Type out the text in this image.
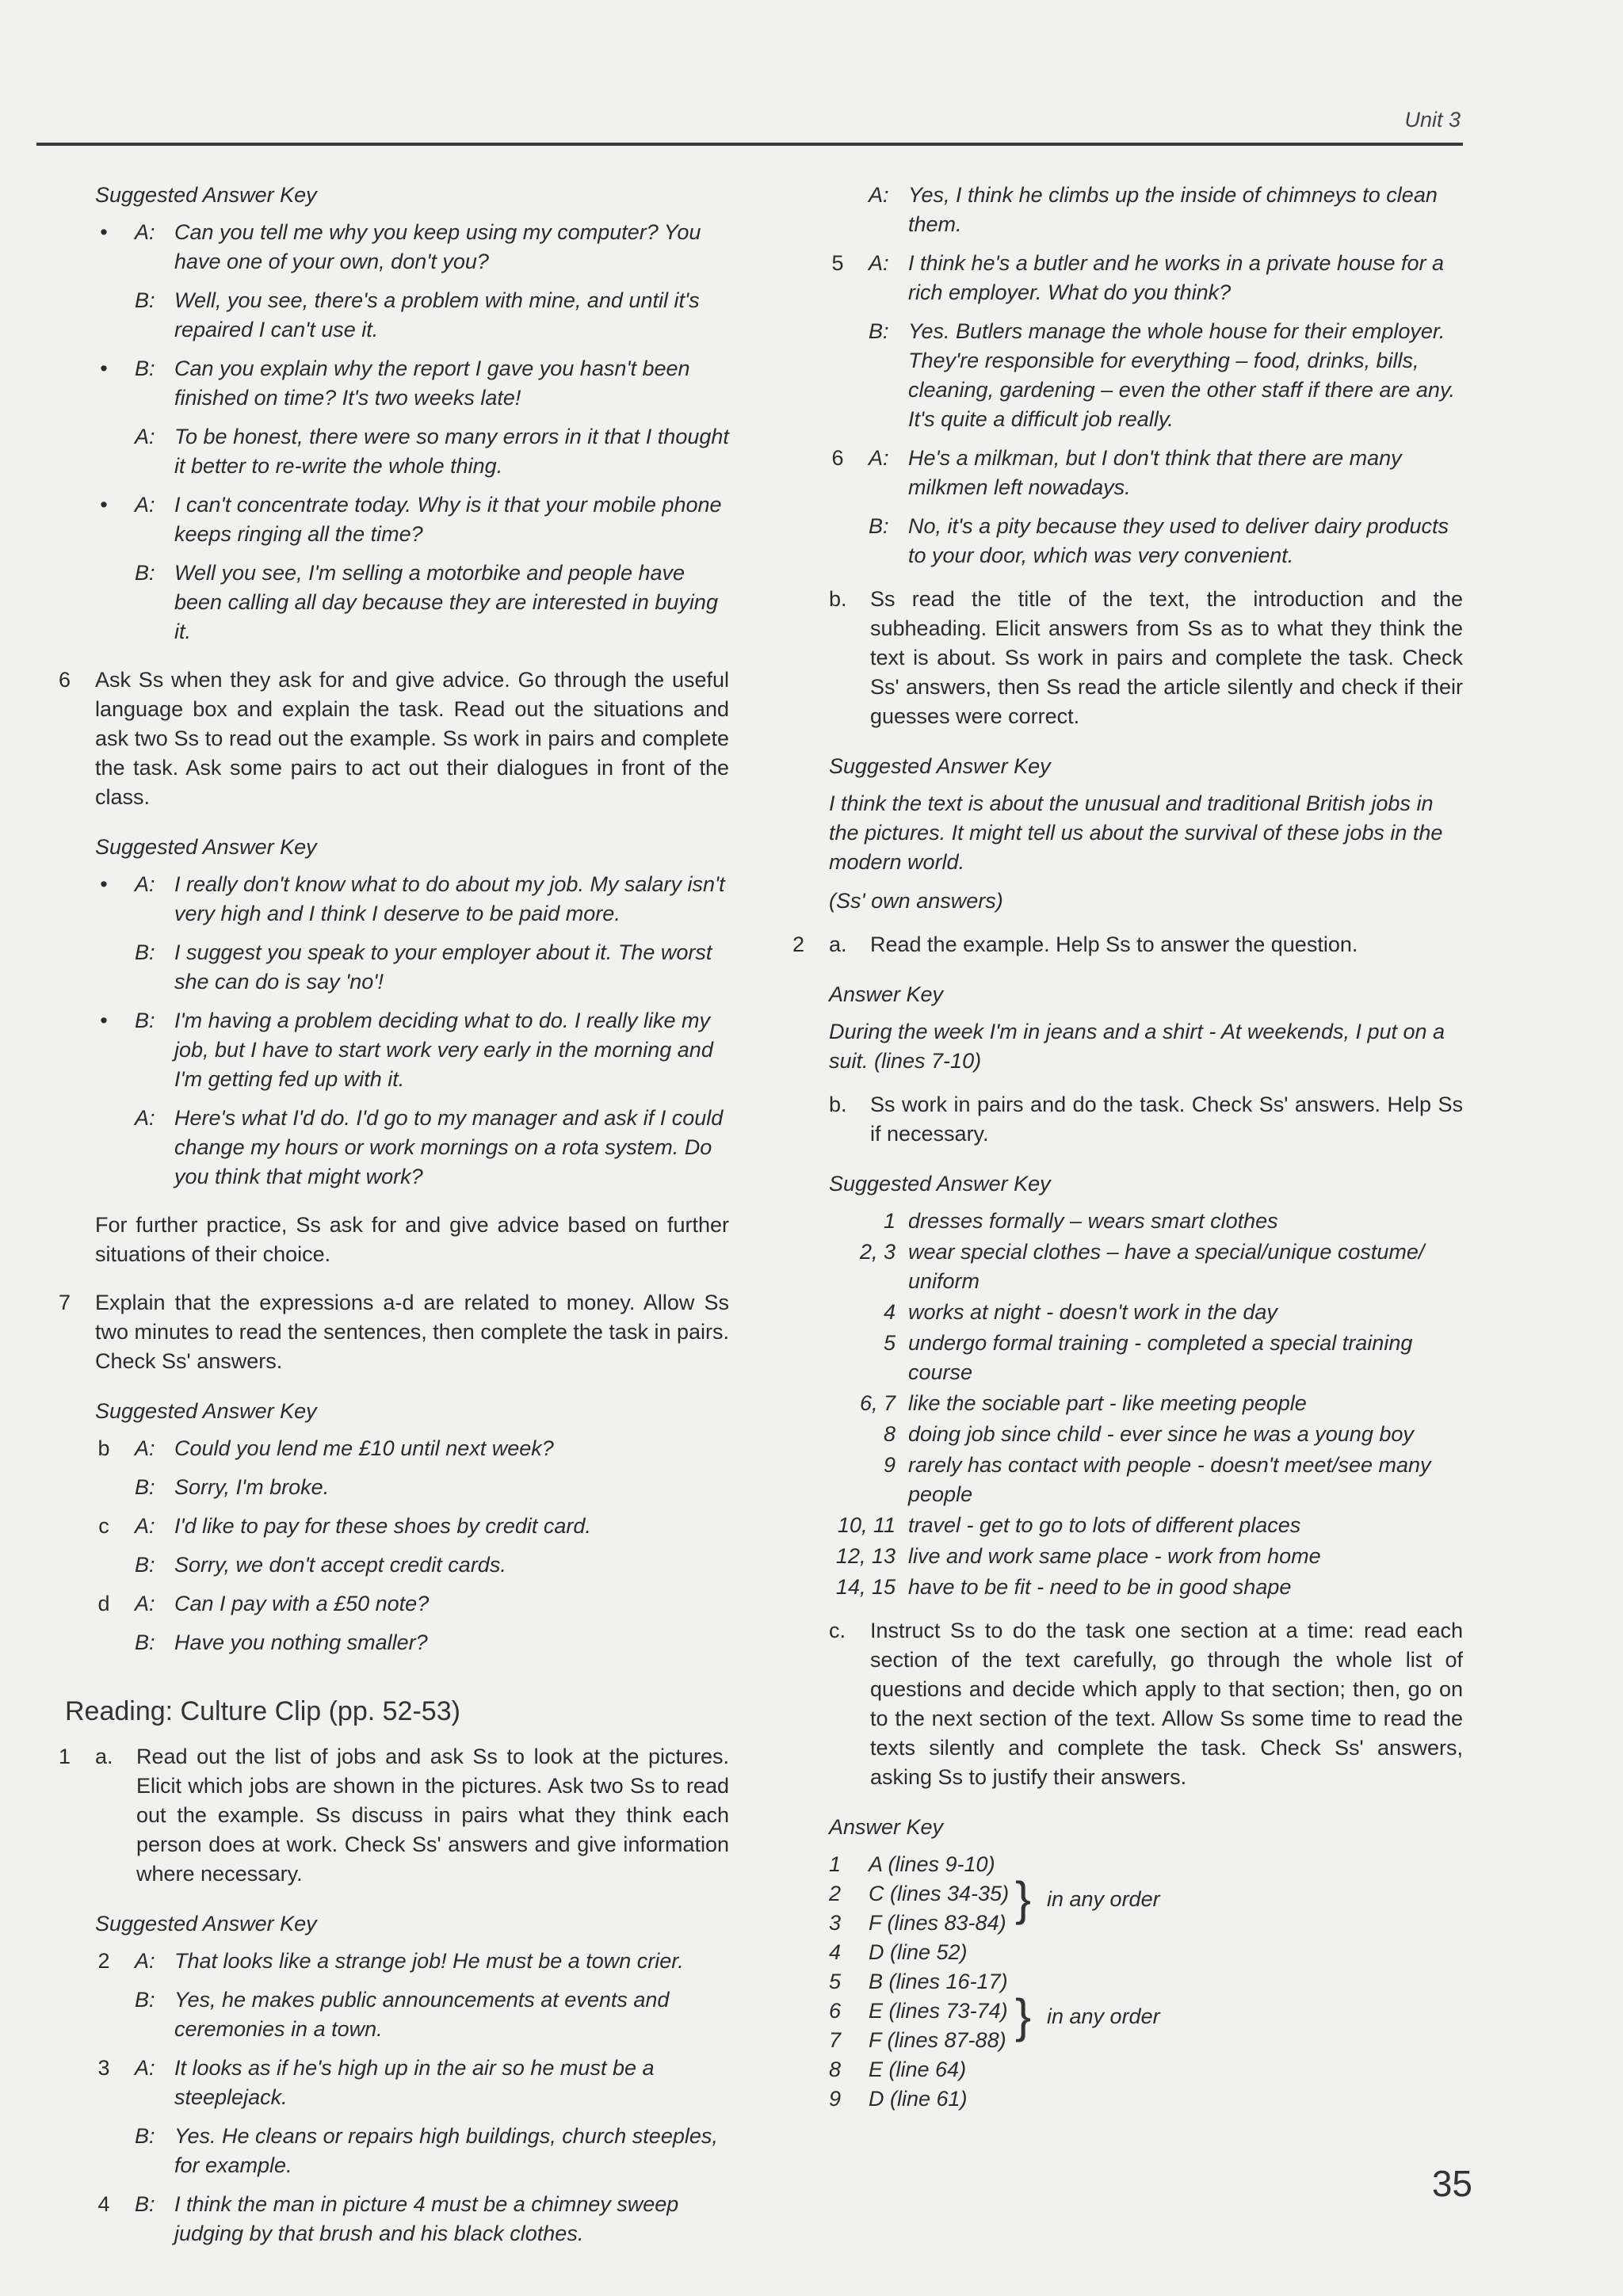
Unit 3
Suggested Answer Key
• A: Can you tell me why you keep using my computer? You have one of your own, don't you?
B: Well, you see, there's a problem with mine, and until it's repaired I can't use it.
• B: Can you explain why the report I gave you hasn't been finished on time? It's two weeks late!
A: To be honest, there were so many errors in it that I thought it better to re-write the whole thing.
• A: I can't concentrate today. Why is it that your mobile phone keeps ringing all the time?
B: Well you see, I'm selling a motorbike and people have been calling all day because they are interested in buying it.
6 Ask Ss when they ask for and give advice. Go through the useful language box and explain the task. Read out the situations and ask two Ss to read out the example. Ss work in pairs and complete the task. Ask some pairs to act out their dialogues in front of the class.
Suggested Answer Key
• A: I really don't know what to do about my job. My salary isn't very high and I think I deserve to be paid more.
B: I suggest you speak to your employer about it. The worst she can do is say 'no'!
• B: I'm having a problem deciding what to do. I really like my job, but I have to start work very early in the morning and I'm getting fed up with it.
A: Here's what I'd do. I'd go to my manager and ask if I could change my hours or work mornings on a rota system. Do you think that might work?
For further practice, Ss ask for and give advice based on further situations of their choice.
7 Explain that the expressions a-d are related to money. Allow Ss two minutes to read the sentences, then complete the task in pairs. Check Ss' answers.
Suggested Answer Key
b A: Could you lend me £10 until next week?
B: Sorry, I'm broke.
c A: I'd like to pay for these shoes by credit card.
B: Sorry, we don't accept credit cards.
d A: Can I pay with a £50 note?
B: Have you nothing smaller?
Reading: Culture Clip (pp. 52-53)
1 a. Read out the list of jobs and ask Ss to look at the pictures. Elicit which jobs are shown in the pictures. Ask two Ss to read out the example. Ss discuss in pairs what they think each person does at work. Check Ss' answers and give information where necessary.
Suggested Answer Key
2 A: That looks like a strange job! He must be a town crier.
B: Yes, he makes public announcements at events and ceremonies in a town.
3 A: It looks as if he's high up in the air so he must be a steeplejack.
B: Yes. He cleans or repairs high buildings, church steeples, for example.
4 B: I think the man in picture 4 must be a chimney sweep judging by that brush and his black clothes.
A: Yes, I think he climbs up the inside of chimneys to clean them.
5 A: I think he's a butler and he works in a private house for a rich employer. What do you think?
B: Yes. Butlers manage the whole house for their employer. They're responsible for everything – food, drinks, bills, cleaning, gardening – even the other staff if there are any. It's quite a difficult job really.
6 A: He's a milkman, but I don't think that there are many milkmen left nowadays.
B: No, it's a pity because they used to deliver dairy products to your door, which was very convenient.
b. Ss read the title of the text, the introduction and the subheading. Elicit answers from Ss as to what they think the text is about. Ss work in pairs and complete the task. Check Ss' answers, then Ss read the article silently and check if their guesses were correct.
Suggested Answer Key
I think the text is about the unusual and traditional British jobs in the pictures. It might tell us about the survival of these jobs in the modern world.
(Ss' own answers)
2 a. Read the example. Help Ss to answer the question.
Answer Key
During the week I'm in jeans and a shirt - At weekends, I put on a suit. (lines 7-10)
b. Ss work in pairs and do the task. Check Ss' answers. Help Ss if necessary.
Suggested Answer Key
1 dresses formally – wears smart clothes
2, 3 wear special clothes – have a special/unique costume/ uniform
4 works at night - doesn't work in the day
5 undergo formal training - completed a special training course
6, 7 like the sociable part - like meeting people
8 doing job since child - ever since he was a young boy
9 rarely has contact with people - doesn't meet/see many people
10, 11 travel - get to go to lots of different places
12, 13 live and work same place - work from home
14, 15 have to be fit - need to be in good shape
c. Instruct Ss to do the task one section at a time: read each section of the text carefully, go through the whole list of questions and decide which apply to that section; then, go on to the next section of the text. Allow Ss some time to read the texts silently and complete the task. Check Ss' answers, asking Ss to justify their answers.
Answer Key
} in any order
} in any order
1 A (lines 9-10)
2 C (lines 34-35)
3 F (lines 83-84)
4 D (line 52)
5 B (lines 16-17)
6 E (lines 73-74)
7 F (lines 87-88)
8 E (line 64)
9 D (line 61)
35
